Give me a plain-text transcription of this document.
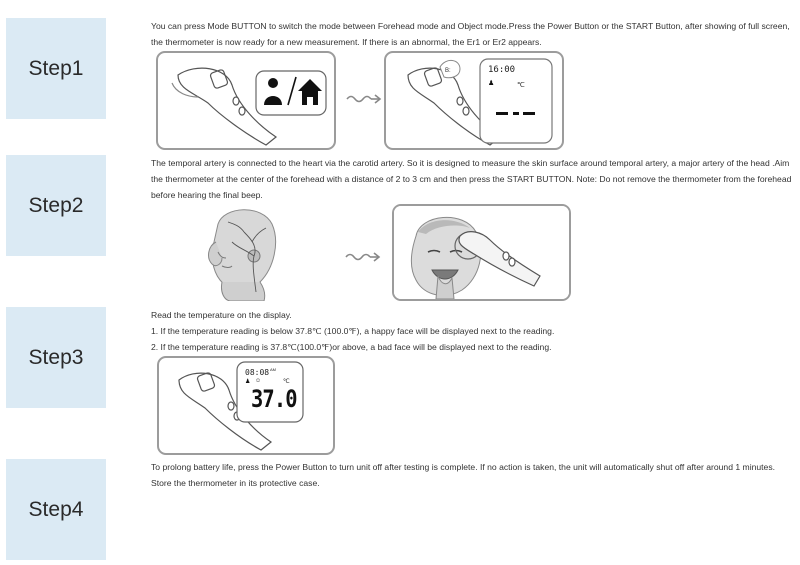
Step1

You can press Mode BUTTON to switch the mode between Forehead mode and Object mode.Press the Power Button or the START Button, after showing of full screen, the thermometer is now ready for a new measurement. If there is an abnormal, the Er1 or Er2 appears.

B:	16:00
℃
♟
Step2

The temporal artery is connected to the heart via the carotid artery. So it is designed to measure the skin surface around temporal artery, a major artery of the head .Aim the thermometer at the center of the forehead with a distance of 2 to 3 cm and then press the START BUTTON. Note: Do not remove the thermometer from the forehead before hearing the final beep.

Step3

Read the temperature on the display.

1. If the temperature reading is below 37.8℃ (100.0℉), a happy face will be displayed next to the reading.

2. If the temperature reading is 37.8℃(100.0℉)or above, a bad face will be displayed next to the reading.

08:08 AM
♟ ☺	℃
37.0
Step4

To prolong battery life, press the Power Button to turn unit off after testing is complete. If no action is taken, the unit will automatically shut off after around 1 minutes.

Store the thermometer in its protective case.
